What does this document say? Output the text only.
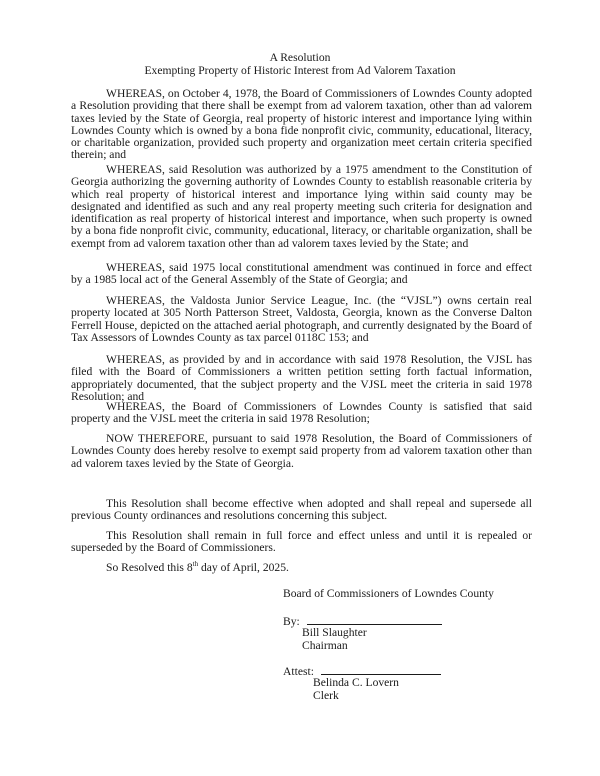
A Resolution
Exempting Property of Historic Interest from Ad Valorem Taxation
WHEREAS, on October 4, 1978, the Board of Commissioners of Lowndes County adopted a Resolution providing that there shall be exempt from ad valorem taxation, other than ad valorem taxes levied by the State of Georgia, real property of historic interest and importance lying within Lowndes County which is owned by a bona fide nonprofit civic, community, educational, literacy, or charitable organization, provided such property and organization meet certain criteria specified therein; and
WHEREAS, said Resolution was authorized by a 1975 amendment to the Constitution of Georgia authorizing the governing authority of Lowndes County to establish reasonable criteria by which real property of historical interest and importance lying within said county may be designated and identified as such and any real property meeting such criteria for designation and identification as real property of historical interest and importance, when such property is owned by a bona fide nonprofit civic, community, educational, literacy, or charitable organization, shall be exempt from ad valorem taxation other than ad valorem taxes levied by the State; and
WHEREAS, said 1975 local constitutional amendment was continued in force and effect by a 1985 local act of the General Assembly of the State of Georgia; and
WHEREAS, the Valdosta Junior Service League, Inc. (the “VJSL”) owns certain real property located at 305 North Patterson Street, Valdosta, Georgia, known as the Converse Dalton Ferrell House, depicted on the attached aerial photograph, and currently designated by the Board of Tax Assessors of Lowndes County as tax parcel 0118C 153; and
WHEREAS, as provided by and in accordance with said 1978 Resolution, the VJSL has filed with the Board of Commissioners a written petition setting forth factual information, appropriately documented, that the subject property and the VJSL meet the criteria in said 1978 Resolution; and
WHEREAS, the Board of Commissioners of Lowndes County is satisfied that said property and the VJSL meet the criteria in said 1978 Resolution;
NOW THEREFORE, pursuant to said 1978 Resolution, the Board of Commissioners of Lowndes County does hereby resolve to exempt said property from ad valorem taxation other than ad valorem taxes levied by the State of Georgia.
This Resolution shall become effective when adopted and shall repeal and supersede all previous County ordinances and resolutions concerning this subject.
This Resolution shall remain in full force and effect unless and until it is repealed or superseded by the Board of Commissioners.
So Resolved this 8th day of April, 2025.
Board of Commissioners of Lowndes County
By:
Bill Slaughter
Chairman
Attest:
Belinda C. Lovern
Clerk
